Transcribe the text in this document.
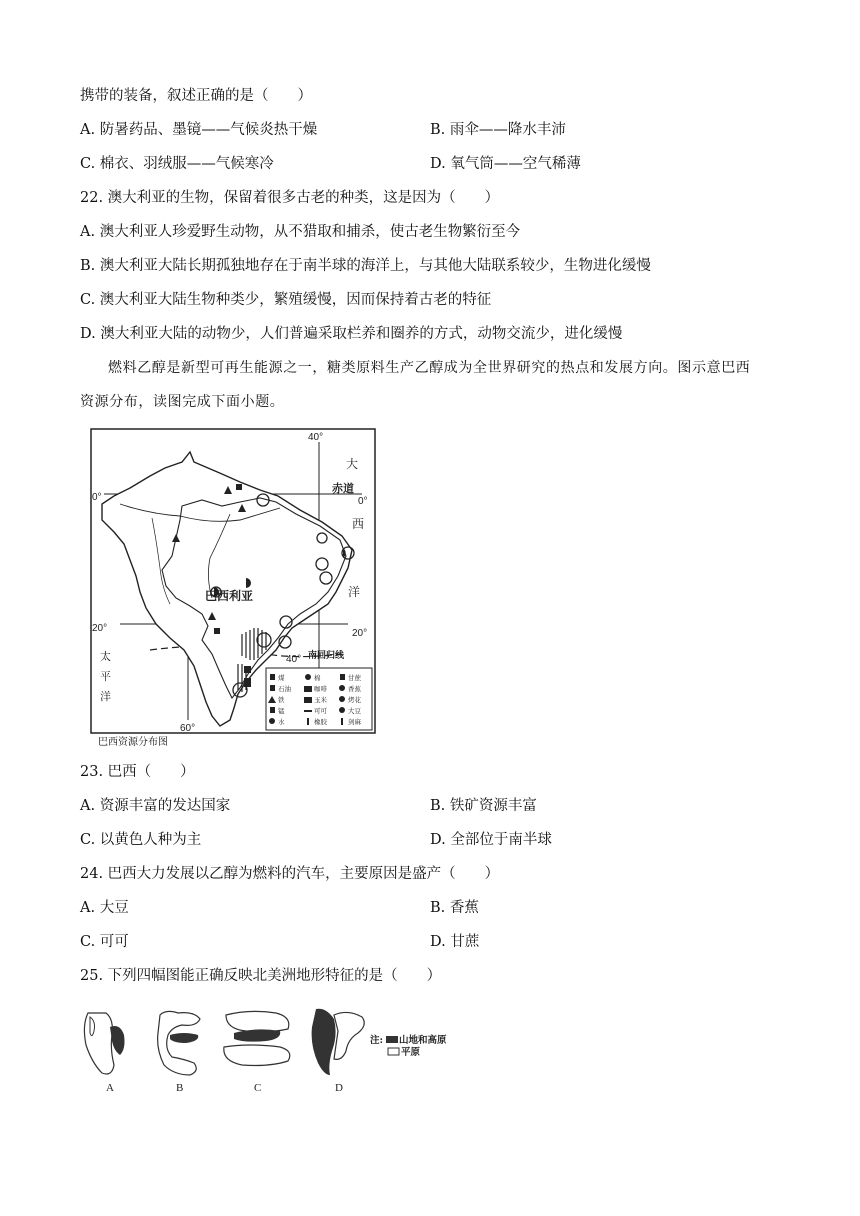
携带的装备，叙述正确的是（　　）
A. 防暑药品、墨镜——气候炎热干燥	B. 雨伞——降水丰沛
C. 棉衣、羽绒服——气候寒冷	D. 氧气筒——空气稀薄
22. 澳大利亚的生物，保留着很多古老的种类，这是因为（　　）
A. 澳大利亚人珍爱野生动物，从不猎取和捕杀，使古老生物繁衍至今
B. 澳大利亚大陆长期孤独地存在于南半球的海洋上，与其他大陆联系较少，生物进化缓慢
C. 澳大利亚大陆生物种类少，繁殖缓慢，因而保持着古老的特征
D. 澳大利亚大陆的动物少，人们普遍采取栏养和圈养的方式，动物交流少，进化缓慢
燃料乙醇是新型可再生能源之一，糖类原料生产乙醇成为全世界研究的热点和发展方向。图示意巴西
资源分布，读图完成下面小题。
40°
0°	0°
赤道
20°	20°
40° 南回归线
60°
巴西利亚
大
西
洋
太
平
洋
煤	棉	甘蔗
石油	咖啡	香蕉
铁	玉米	烤花
锰	可可	大豆
水	橡胶	剑麻
巴西资源分布图
23. 巴西（　　）
A. 资源丰富的发达国家	B. 铁矿资源丰富
C. 以黄色人种为主	D. 全部位于南半球
24. 巴西大力发展以乙醇为燃料的汽车，主要原因是盛产（　　）
A. 大豆	B. 香蕉
C. 可可	D. 甘蔗
25. 下列四幅图能正确反映北美洲地形特征的是（　　）
A	B	C	D
注: 山地和高原
平原
